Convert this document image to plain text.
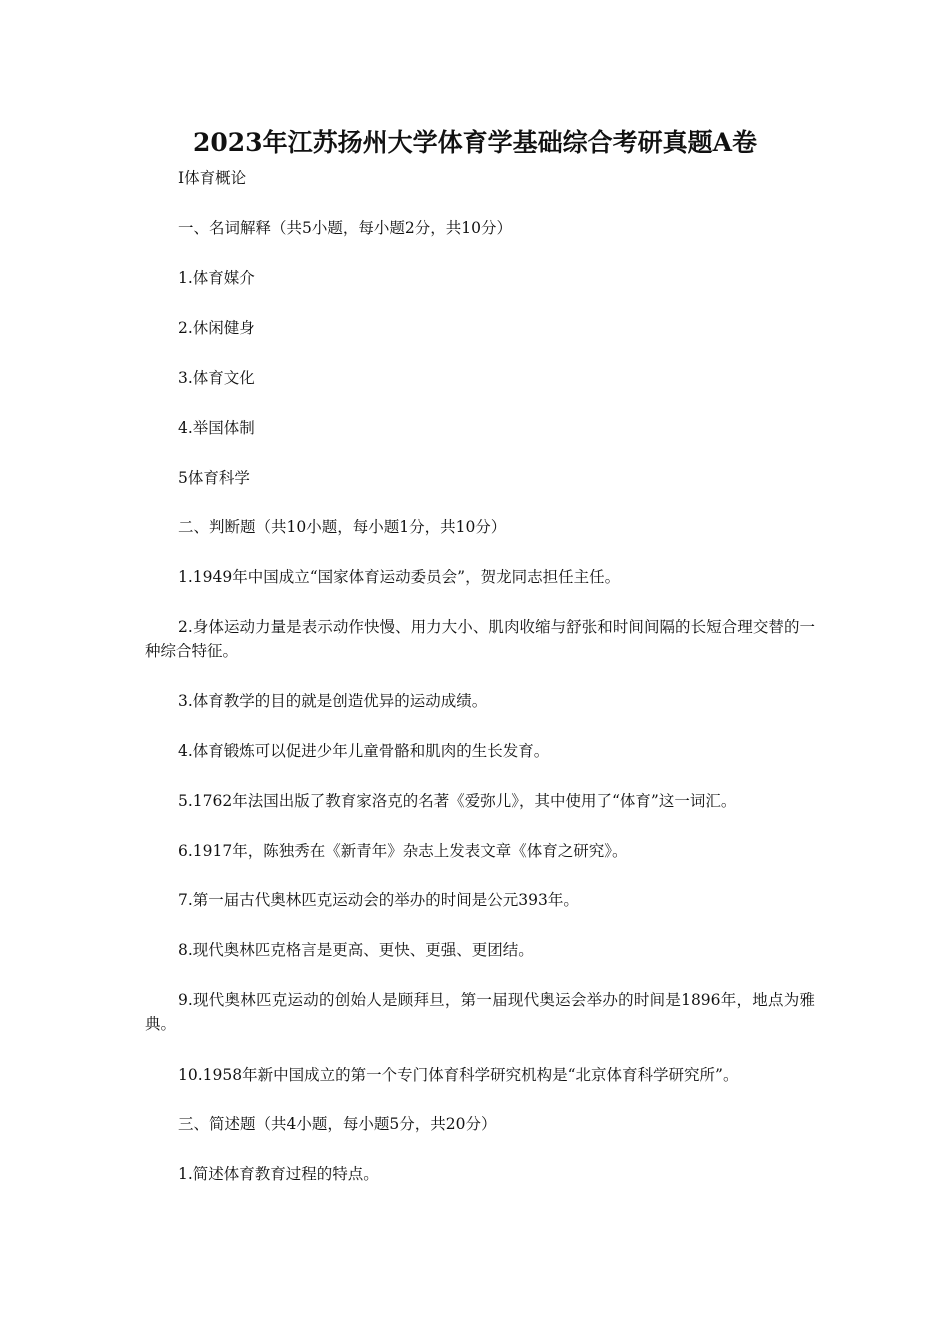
2023年江苏扬州大学体育学基础综合考研真题A卷
Ⅰ体育概论
一、名词解释（共5小题，每小题2分，共10分）
1.体育媒介
2.休闲健身
3.体育文化
4.举国体制
5体育科学
二、判断题（共10小题，每小题1分，共10分）
1.1949年中国成立“国家体育运动委员会”，贺龙同志担任主任。
2.身体运动力量是表示动作快慢、用力大小、肌肉收缩与舒张和时间间隔的长短合理交替的一种综合特征。
3.体育教学的目的就是创造优异的运动成绩。
4.体育锻炼可以促进少年儿童骨骼和肌肉的生长发育。
5.1762年法国出版了教育家洛克的名著《爱弥儿》，其中使用了“体育”这一词汇。
6.1917年，陈独秀在《新青年》杂志上发表文章《体育之研究》。
7.第一届古代奥林匹克运动会的举办的时间是公元393年。
8.现代奥林匹克格言是更高、更快、更强、更团结。
9.现代奥林匹克运动的创始人是顾拜旦，第一届现代奥运会举办的时间是1896年，地点为雅典。
10.1958年新中国成立的第一个专门体育科学研究机构是“北京体育科学研究所”。
三、简述题（共4小题，每小题5分，共20分）
1.简述体育教育过程的特点。
